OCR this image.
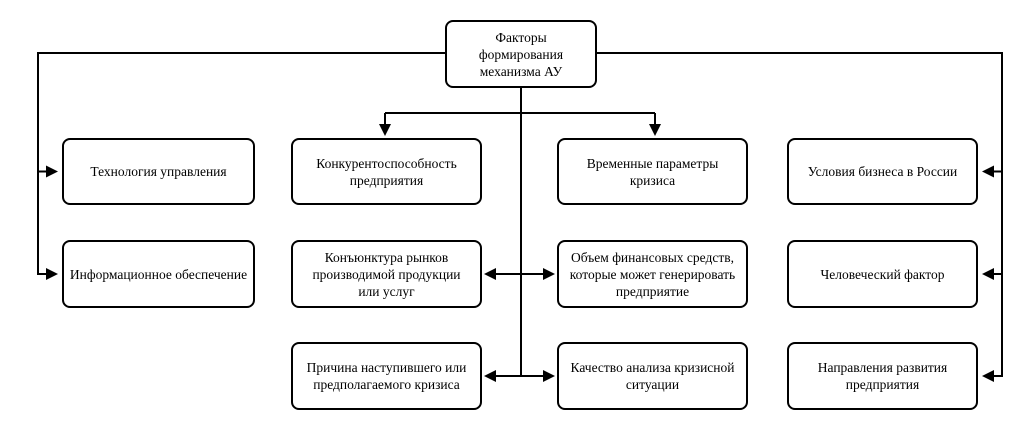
Факторы формирования механизма АУ
Технология управления
Информационное обеспечение
Конкурентоспособность предприятия
Конъюнктура рынков производимой продукции или услуг
Причина наступившего или предполагаемого кризиса
Временные параметры кризиса
Объем финансовых средств, которые может генерировать предприятие
Качество анализа кризисной ситуации
Условия бизнеса в России
Человеческий фактор
Направления развития предприятия
